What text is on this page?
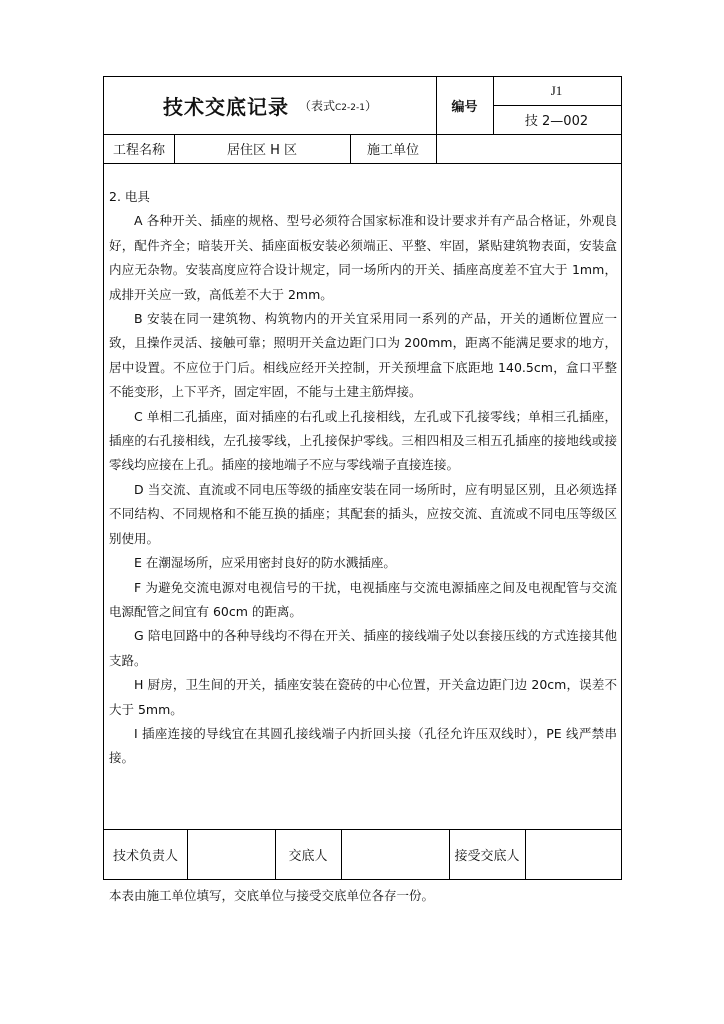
技术交底记录 （表式C2-2-1）	编号
J1
技 2—002
工程名称	居住区 H 区	施工单位

2. 电具

A 各种开关、插座的规格、型号必须符合国家标准和设计要求并有产品合格证，外观良好，配件齐全；暗装开关、插座面板安装必须端正、平整、牢固，紧贴建筑物表面，安装盒内应无杂物。安装高度应符合设计规定，同一场所内的开关、插座高度差不宜大于 1mm，成排开关应一致，高低差不大于 2mm。

B 安装在同一建筑物、构筑物内的开关宜采用同一系列的产品，开关的通断位置应一致，且操作灵活、接触可靠；照明开关盒边距门口为 200mm，距离不能满足要求的地方，居中设置。不应位于门后。相线应经开关控制，开关预埋盒下底距地 140.5cm，盒口平整不能变形，上下平齐，固定牢固，不能与土建主筋焊接。

C 单相二孔插座，面对插座的右孔或上孔接相线，左孔或下孔接零线；单相三孔插座，插座的右孔接相线，左孔接零线，上孔接保护零线。三相四相及三相五孔插座的接地线或接零线均应接在上孔。插座的接地端子不应与零线端子直接连接。

D 当交流、直流或不同电压等级的插座安装在同一场所时，应有明显区别，且必须选择不同结构、不同规格和不能互换的插座；其配套的插头，应按交流、直流或不同电压等级区别使用。

E 在潮湿场所，应采用密封良好的防水溅插座。

F 为避免交流电源对电视信号的干扰，电视插座与交流电源插座之间及电视配管与交流电源配管之间宜有 60cm 的距离。

G 陪电回路中的各种导线均不得在开关、插座的接线端子处以套接压线的方式连接其他支路。

H 厨房，卫生间的开关，插座安装在瓷砖的中心位置，开关盒边距门边 20cm，误差不大于 5mm。

I 插座连接的导线宜在其圆孔接线端子内折回头接（孔径允许压双线时），PE 线严禁串接。

技术负责人	交底人	接受交底人
本表由施工单位填写，交底单位与接受交底单位各存一份。
